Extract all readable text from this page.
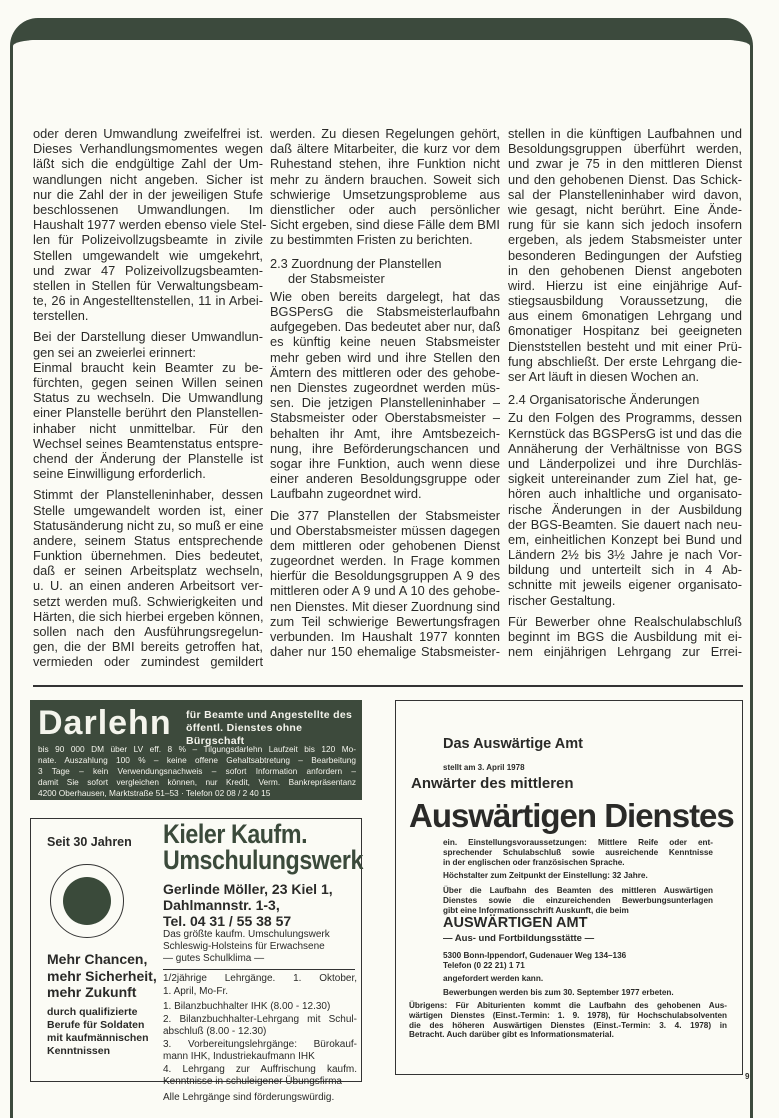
oder deren Umwandlung zweifelfrei ist.
Dieses Verhandlungsmomentes wegen
läßt sich die endgültige Zahl der Um-
wandlungen nicht angeben. Sicher ist
nur die Zahl der in der jeweiligen Stufe
beschlossenen Umwandlungen. Im
Haushalt 1977 werden ebenso viele Stel-
len für Polizeivollzugsbeamte in zivile
Stellen umgewandelt wie umgekehrt,
und zwar 47 Polizeivollzugsbeamten-
stellen in Stellen für Verwaltungsbeam-
te, 26 in Angestelltenstellen, 11 in Arbei-
terstellen.
Bei der Darstellung dieser Umwandlun-
gen sei an zweierlei erinnert:
Einmal braucht kein Beamter zu be-
fürchten, gegen seinen Willen seinen
Status zu wechseln. Die Umwandlung
einer Planstelle berührt den Planstellen-
inhaber nicht unmittelbar. Für den
Wechsel seines Beamtenstatus entspre-
chend der Änderung der Planstelle ist
seine Einwilligung erforderlich.
Stimmt der Planstelleninhaber, dessen
Stelle umgewandelt worden ist, einer
Statusänderung nicht zu, so muß er eine
andere, seinem Status entsprechende
Funktion übernehmen. Dies bedeutet,
daß er seinen Arbeitsplatz wechseln,
u. U. an einen anderen Arbeitsort ver-
setzt werden muß. Schwierigkeiten und
Härten, die sich hierbei ergeben können,
sollen nach den Ausführungsregelun-
gen, die der BMI bereits getroffen hat,
vermieden oder zumindest gemildert
werden. Zu diesen Regelungen gehört,
daß ältere Mitarbeiter, die kurz vor dem
Ruhestand stehen, ihre Funktion nicht
mehr zu ändern brauchen. Soweit sich
schwierige Umsetzungsprobleme aus
dienstlicher oder auch persönlicher
Sicht ergeben, sind diese Fälle dem BMI
zu bestimmten Fristen zu berichten.
2.3 Zuordnung der Planstellen
der Stabsmeister
Wie oben bereits dargelegt, hat das
BGSPersG die Stabsmeisterlaufbahn
aufgegeben. Das bedeutet aber nur, daß
es künftig keine neuen Stabsmeister
mehr geben wird und ihre Stellen den
Ämtern des mittleren oder des gehobe-
nen Dienstes zugeordnet werden müs-
sen. Die jetzigen Planstelleninhaber –
Stabsmeister oder Oberstabsmeister –
behalten ihr Amt, ihre Amtsbezeich-
nung, ihre Beförderungschancen und
sogar ihre Funktion, auch wenn diese
einer anderen Besoldungsgruppe oder
Laufbahn zugeordnet wird.
Die 377 Planstellen der Stabsmeister
und Oberstabsmeister müssen dagegen
dem mittleren oder gehobenen Dienst
zugeordnet werden. In Frage kommen
hierfür die Besoldungsgruppen A 9 des
mittleren oder A 9 und A 10 des gehobe-
nen Dienstes. Mit dieser Zuordnung sind
zum Teil schwierige Bewertungsfragen
verbunden. Im Haushalt 1977 konnten
daher nur 150 ehemalige Stabsmeister-
stellen in die künftigen Laufbahnen und
Besoldungsgruppen überführt werden,
und zwar je 75 in den mittleren Dienst
und den gehobenen Dienst. Das Schick-
sal der Planstelleninhaber wird davon,
wie gesagt, nicht berührt. Eine Ände-
rung für sie kann sich jedoch insofern
ergeben, als jedem Stabsmeister unter
besonderen Bedingungen der Aufstieg
in den gehobenen Dienst angeboten
wird. Hierzu ist eine einjährige Auf-
stiegsausbildung Voraussetzung, die
aus einem 6monatigen Lehrgang und
6monatiger Hospitanz bei geeigneten
Dienststellen besteht und mit einer Prü-
fung abschließt. Der erste Lehrgang die-
ser Art läuft in diesen Wochen an.
2.4 Organisatorische Änderungen
Zu den Folgen des Programms, dessen
Kernstück das BGSPersG ist und das die
Annäherung der Verhältnisse von BGS
und Länderpolizei und ihre Durchläs-
sigkeit untereinander zum Ziel hat, ge-
hören auch inhaltliche und organisato-
rische Änderungen in der Ausbildung
der BGS-Beamten. Sie dauert nach neu-
em, einheitlichen Konzept bei Bund und
Ländern 2½ bis 3½ Jahre je nach Vor-
bildung und unterteilt sich in 4 Ab-
schnitte mit jeweils eigener organisato-
rischer Gestaltung.
Für Bewerber ohne Realschulabschluß
beginnt im BGS die Ausbildung mit ei-
nem einjährigen Lehrgang zur Errei-
Darlehn für Beamte und Angestellte des
öffentl. Dienstes ohne Bürgschaft
bis 90 000 DM über LV eff. 8 % – Tilgungsdarlehn Laufzeit bis 120 Mo-
nate. Auszahlung 100 % – keine offene Gehaltsabtretung – Bearbeitung
3 Tage – kein Verwendungsnachweis – sofort Information anfordern –
damit Sie sofort vergleichen können, nur Kredit, Verm. Bankrepräsentanz
4200 Oberhausen, Marktstraße 51–53 · Telefon 02 08 / 2 40 15
Seit 30 Jahren
Mehr Chancen,
mehr Sicherheit,
mehr Zukunft
durch qualifizierte
Berufe für Soldaten
mit kaufmännischen
Kenntnissen
Kieler Kaufm.
Umschulungswerk
Gerlinde Möller, 23 Kiel 1,
Dahlmannstr. 1-3,
Tel. 04 31 / 55 38 57
Das größte kaufm. Umschulungswerk
Schleswig-Holsteins für Erwachsene
— gutes Schulklima —
1/2jährige Lehrgänge. 1. Oktober,
1. April, Mo-Fr.
1. Bilanzbuchhalter IHK (8.00 - 12.30)
2. Bilanzbuchhalter-Lehrgang mit Schul-
abschluß (8.00 - 12.30)
3. Vorbereitungslehrgänge: Bürokauf-
mann IHK, Industriekaufmann IHK
4. Lehrgang zur Auffrischung kaufm.
Kenntnisse in schuleigener Übungsfirma
Alle Lehrgänge sind förderungswürdig.
Das Auswärtige Amt
stellt am 3. April 1978
Anwärter des mittleren
Auswärtigen Dienstes
ein. Einstellungsvoraussetzungen: Mittlere Reife oder ent-
sprechender Schulabschluß sowie ausreichende Kenntnisse
in der englischen oder französischen Sprache.
Höchstalter zum Zeitpunkt der Einstellung: 32 Jahre.
Über die Laufbahn des Beamten des mittleren Auswärtigen
Dienstes sowie die einzureichenden Bewerbungsunterlagen
gibt eine Informationsschrift Auskunft, die beim
AUSWÄRTIGEN AMT
— Aus- und Fortbildungsstätte —
5300 Bonn-Ippendorf, Gudenauer Weg 134–136
Telefon (0 22 21) 1 71
angefordert werden kann.
Bewerbungen werden bis zum 30. September 1977 erbeten.
Übrigens: Für Abiturienten kommt die Laufbahn des gehobenen Aus-
wärtigen Dienstes (Einst.-Termin: 1. 9. 1978), für Hochschulabsolventen
die des höheren Auswärtigen Dienstes (Einst.-Termin: 3. 4. 1978) in
Betracht. Auch darüber gibt es Informationsmaterial.
9
